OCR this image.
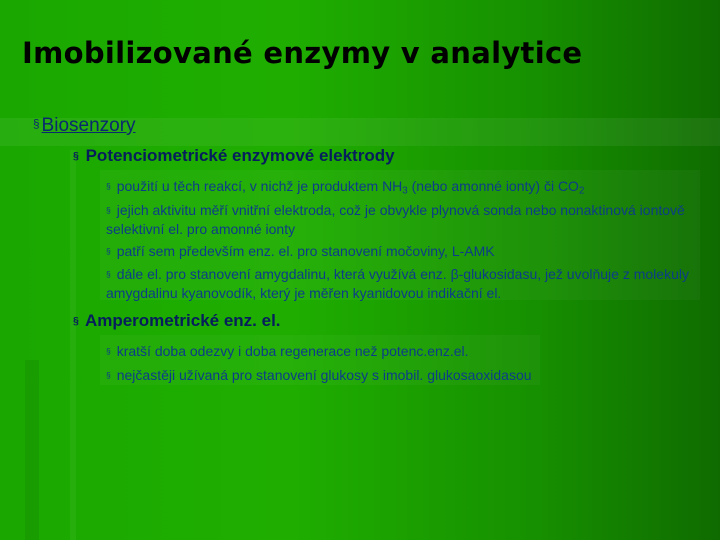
Imobilizované enzymy v analytice
§ Biosenzory
§ Potenciometrické enzymové elektrody
§ použití u těch reakcí, v nichž je produktem $NH_3$ (nebo amonné ionty) či $CO_2$
§ jejich aktivitu měří vnitřní elektroda, což je obvykle plynová sonda nebo nonaktinová iontově selektivní el. pro amonné ionty
§ patří sem především enz. el. pro stanovení močoviny, L-AMK
§ dále el. pro stanovení amygdalinu, která využívá enz. β-glukosidasu, jež uvolňuje z molekuly amygdalinu kyanovodík, který je měřen kyanidovou indikační el.
§ Amperometrické enz. el.
§ kratší doba odezvy i doba regenerace než potenc.enz.el.
§ nejčastěji užívaná pro stanovení glukosy s imobil. glukosaoxidasou
